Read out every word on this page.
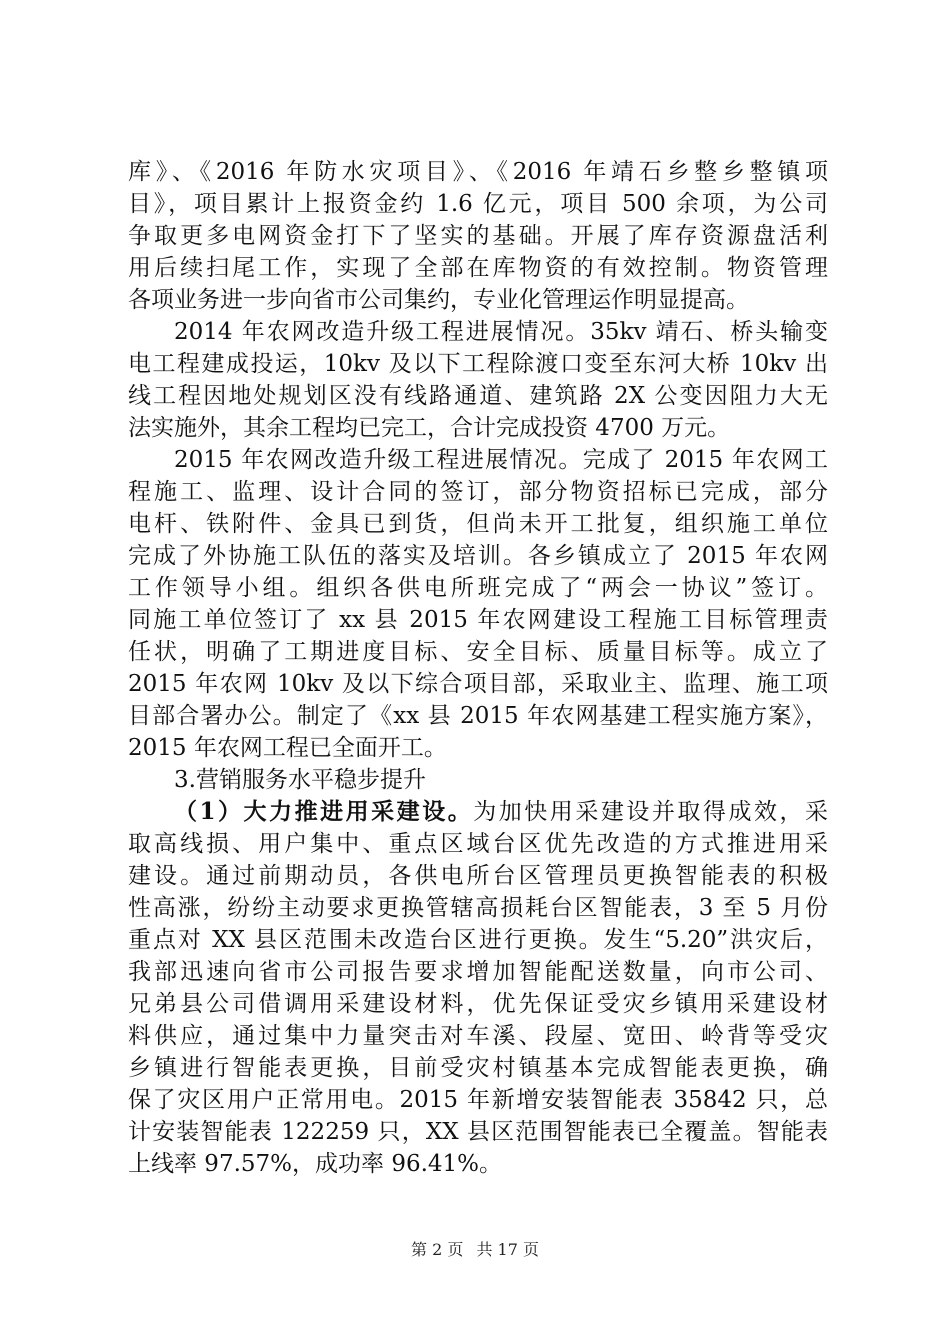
库》、《2016 年防水灾项目》、《2016 年靖石乡整乡整镇项
目》，项目累计上报资金约 1.6 亿元，项目 500 余项，为公司
争取更多电网资金打下了坚实的基础。开展了库存资源盘活利
用后续扫尾工作，实现了全部在库物资的有效控制。物资管理
各项业务进一步向省市公司集约，专业化管理运作明显提高。
2014 年农网改造升级工程进展情况。35kv 靖石、桥头输变
电工程建成投运，10kv 及以下工程除渡口变至东河大桥 10kv 出
线工程因地处规划区没有线路通道、建筑路 2X 公变因阻力大无
法实施外，其余工程均已完工，合计完成投资 4700 万元。
2015 年农网改造升级工程进展情况。完成了 2015 年农网工
程施工、监理、设计合同的签订，部分物资招标已完成，部分
电杆、铁附件、金具已到货，但尚未开工批复，组织施工单位
完成了外协施工队伍的落实及培训。各乡镇成立了 2015 年农网
工作领导小组。组织各供电所班完成了“两会一协议”签订。
同施工单位签订了 xx 县 2015 年农网建设工程施工目标管理责
任状，明确了工期进度目标、安全目标、质量目标等。成立了
2015 年农网 10kv 及以下综合项目部，采取业主、监理、施工项
目部合署办公。制定了《xx 县 2015 年农网基建工程实施方案》，
2015 年农网工程已全面开工。
3.营销服务水平稳步提升
（1）大力推进用采建设。为加快用采建设并取得成效，采
取高线损、用户集中、重点区域台区优先改造的方式推进用采
建设。通过前期动员，各供电所台区管理员更换智能表的积极
性高涨，纷纷主动要求更换管辖高损耗台区智能表，3 至 5 月份
重点对 XX 县区范围未改造台区进行更换。发生“5.20”洪灾后，
我部迅速向省市公司报告要求增加智能配送数量，向市公司、
兄弟县公司借调用采建设材料，优先保证受灾乡镇用采建设材
料供应，通过集中力量突击对车溪、段屋、宽田、岭背等受灾
乡镇进行智能表更换，目前受灾村镇基本完成智能表更换，确
保了灾区用户正常用电。2015 年新增安装智能表 35842 只，总
计安装智能表 122259 只，XX 县区范围智能表已全覆盖。智能表
上线率 97.57%，成功率 96.41%。
第 2 页 共 17 页
